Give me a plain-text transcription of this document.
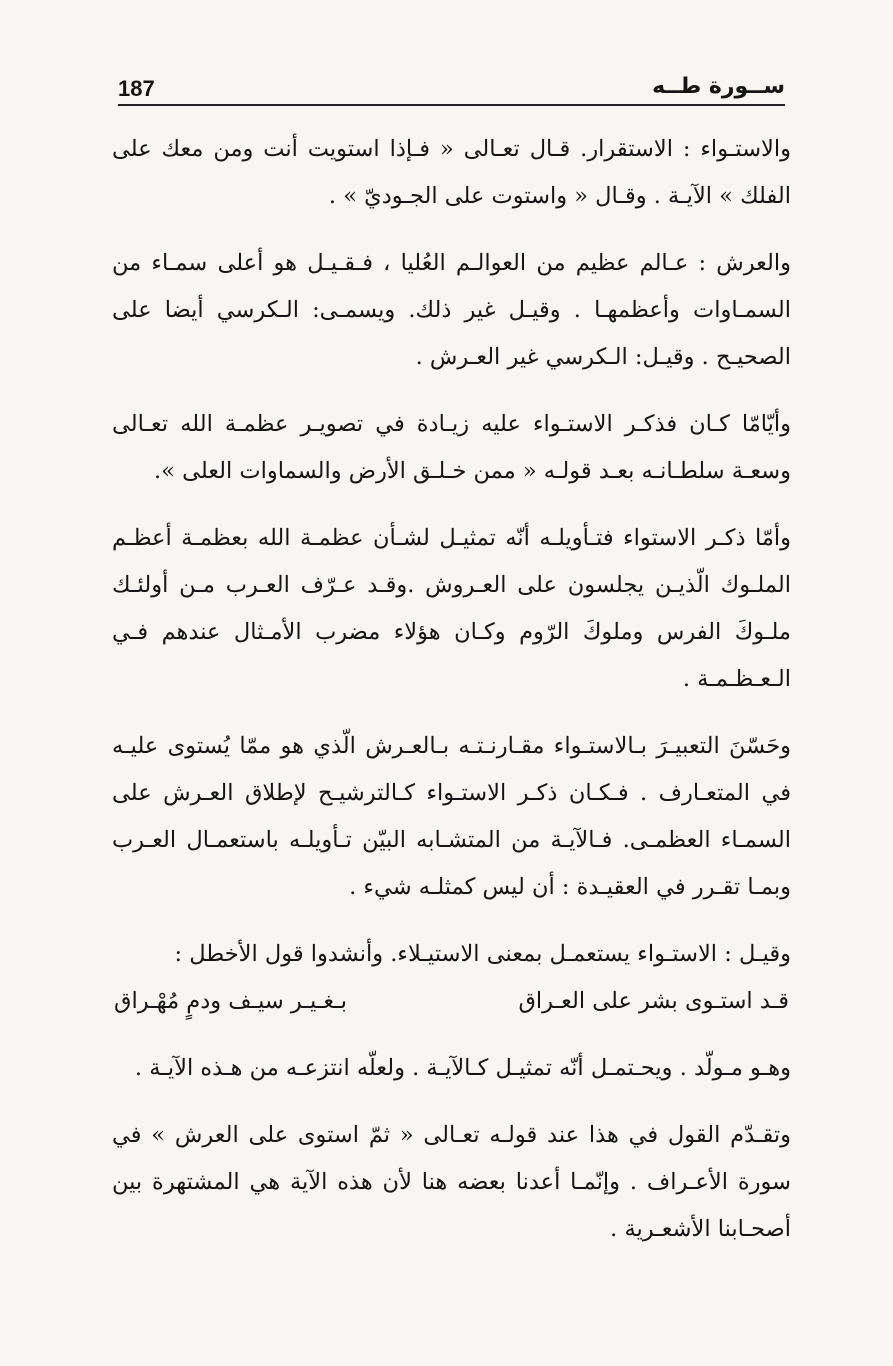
187	ســورة طــه

والاستـواء : الاستقرار. قـال تعـالى « فـإذا استويت أنت ومن معك على الفلك » الآيـة . وقـال « واستوت على الجـوديّ » .

والعرش : عـالم عظيم من العوالـم العُليا ، فـقـيـل هو أعلى سمـاء من السمـاوات وأعظمهـا . وقيـل غير ذلك. ويسمـى: الـكرسي أيضا على الصحيـح . وقيـل: الـكرسي غير العـرش .

وأيّامّا كـان فذكـر الاستـواء عليه زيـادة في تصويـر عظمـة الله تعـالى وسعـة سلطـانـه بعـد قولـه « ممن خـلـق الأرض والسماوات العلى ».

وأمّا ذكـر الاستواء فتـأويلـه أنّه تمثيـل لشـأن عظمـة الله بعظمـة أعظـم الملـوك الّذيـن يجلسون على العـروش .وقـد عـرّف العـرب مـن أولئـك ملـوكَ الفرس وملوكَ الرّوم وكـان هؤلاء مضرب الأمـثال عندهم فـي الـعـظـمـة .

وحَسّنَ التعبيـرَ بـالاستـواء مقـارنـتـه بـالعـرش الّذي هو ممّا يُستوى عليـه في المتعـارف . فـكـان ذكـر الاستـواء كـالترشيـح لإطلاق العـرش على السمـاء العظمـى. فـالآيـة من المتشـابه البيّن تـأويلـه باستعمـال العـرب وبمـا تقـرر في العقيـدة : أن ليس كمثلـه شيء .

وقيـل : الاستـواء يستعمـل بمعنى الاستيـلاء. وأنشدوا قول الأخطل :

قـد استـوى بشر على العـراق
بـغـيـر سيـف ودمٍ مُهْـراق

وهـو مـولّد . ويحـتمـل أنّه تمثيـل كـالآيـة . ولعلّه انتزعـه من هـذه الآيـة .

وتقـدّم القول في هذا عند قولـه تعـالى « ثمّ استوى على العرش » في سورة الأعـراف . وإنّمـا أعدنا بعضه هنا لأن هذه الآية هي المشتهرة بين أصحـابنا الأشعـرية .
